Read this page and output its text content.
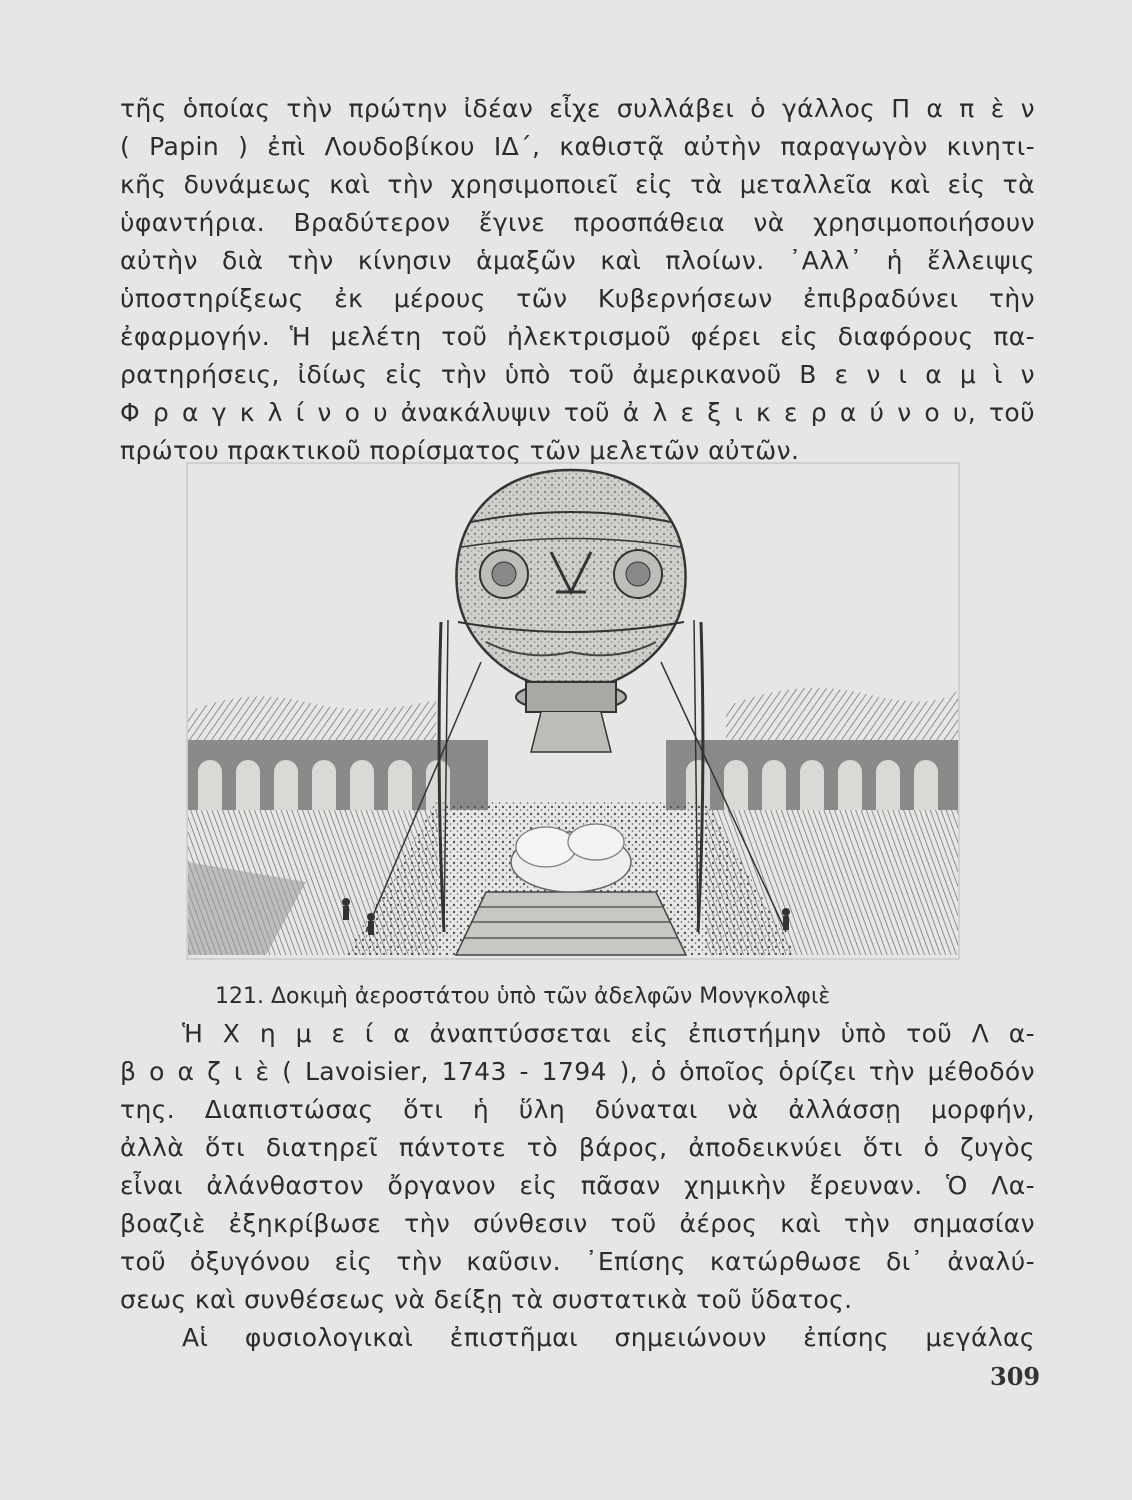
τῆς ὁποίας τὴν πρώτην ἰδέαν εἶχε συλλάβει ὁ γάλλος Π α π ὲ ν
( Papin ) ἐπὶ Λουδοβίκου ΙΔ΄, καθιστᾷ αὐτὴν παραγωγὸν κινητι-
κῆς δυνάμεως καὶ τὴν χρησιμοποιεῖ εἰς τὰ μεταλλεῖα καὶ εἰς τὰ
ὑφαντήρια. Βραδύτερον ἔγινε προσπάθεια νὰ χρησιμοποιήσουν
αὐτὴν διὰ τὴν κίνησιν ἁμαξῶν καὶ πλοίων. ᾿Αλλ᾿ ἡ ἔλλειψις
ὑποστηρίξεως ἐκ μέρους τῶν Κυβερνήσεων ἐπιβραδύνει τὴν
ἐφαρμογήν. Ἡ μελέτη τοῦ ἠλεκτρισμοῦ φέρει εἰς διαφόρους πα-
ρατηρήσεις, ἰδίως εἰς τὴν ὑπὸ τοῦ ἀμερικανοῦ Β ε ν ι α μ ὶ ν
Φ ρ α γ κ λ ί ν ο υ ἀνακάλυψιν τοῦ ἀ λ ε ξ ι κ ε ρ α ύ ν ο υ, τοῦ
πρώτου πρακτικοῦ πορίσματος τῶν μελετῶν αὐτῶν.
121. Δοκιμὴ ἀεροστάτου ὑπὸ τῶν ἀδελφῶν Μονγκολφιὲ
Ἡ Χ η μ ε ί α ἀναπτύσσεται εἰς ἐπιστήμην ὑπὸ τοῦ Λ α-
β ο α ζ ι ὲ ( Lavoisier, 1743 - 1794 ), ὁ ὁποῖος ὁρίζει τὴν μέθοδόν
της. Διαπιστώσας ὅτι ἡ ὕλη δύναται νὰ ἀλλάσσῃ μορφήν,
ἀλλὰ ὅτι διατηρεῖ πάντοτε τὸ βάρος, ἀποδεικνύει ὅτι ὁ ζυγὸς
εἶναι ἀλάνθαστον ὄργανον εἰς πᾶσαν χημικὴν ἔρευναν. Ὁ Λα-
βοαζιὲ ἐξηκρίβωσε τὴν σύνθεσιν τοῦ ἀέρος καὶ τὴν σημασίαν
τοῦ ὀξυγόνου εἰς τὴν καῦσιν. ᾿Επίσης κατώρθωσε δι᾿ ἀναλύ-
σεως καὶ συνθέσεως νὰ δείξῃ τὰ συστατικὰ τοῦ ὕδατος.
Αἱ φυσιολογικαὶ ἐπιστῆμαι σημειώνουν ἐπίσης μεγάλας
309
